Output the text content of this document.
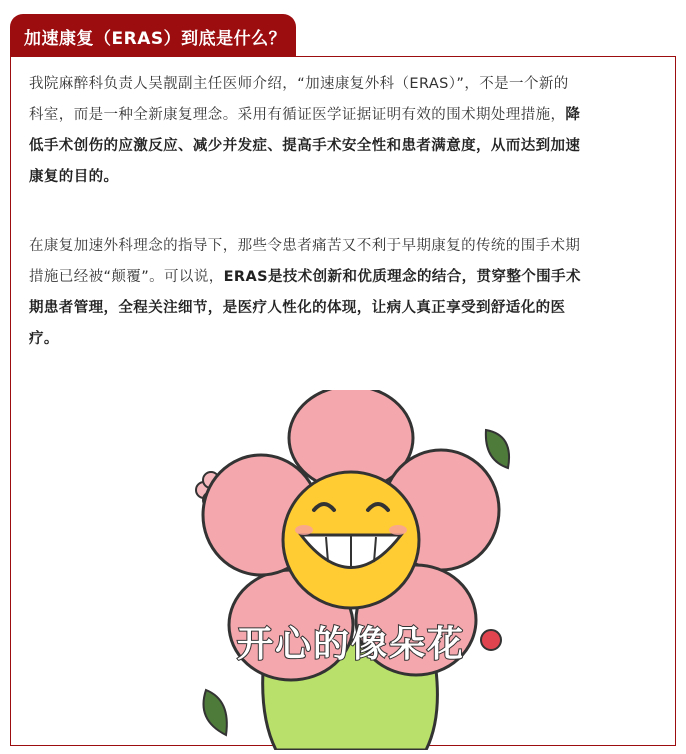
加速康复（ERAS）到底是什么？

我院麻醉科负责人吴靓副主任医师介绍，“加速康复外科（ERAS）”，不是一个新的
科室，而是一种全新康复理念。采用有循证医学证据证明有效的围术期处理措施，降
低手术创伤的应激反应、减少并发症、提高手术安全性和患者满意度，从而达到加速
康复的目的。

在康复加速外科理念的指导下，那些令患者痛苦又不利于早期康复的传统的围手术期
措施已经被“颠覆”。可以说，ERAS是技术创新和优质理念的结合，贯穿整个围手术
期患者管理，全程关注细节，是医疗人性化的体现，让病人真正享受到舒适化的医
疗。

开心的像朵花
